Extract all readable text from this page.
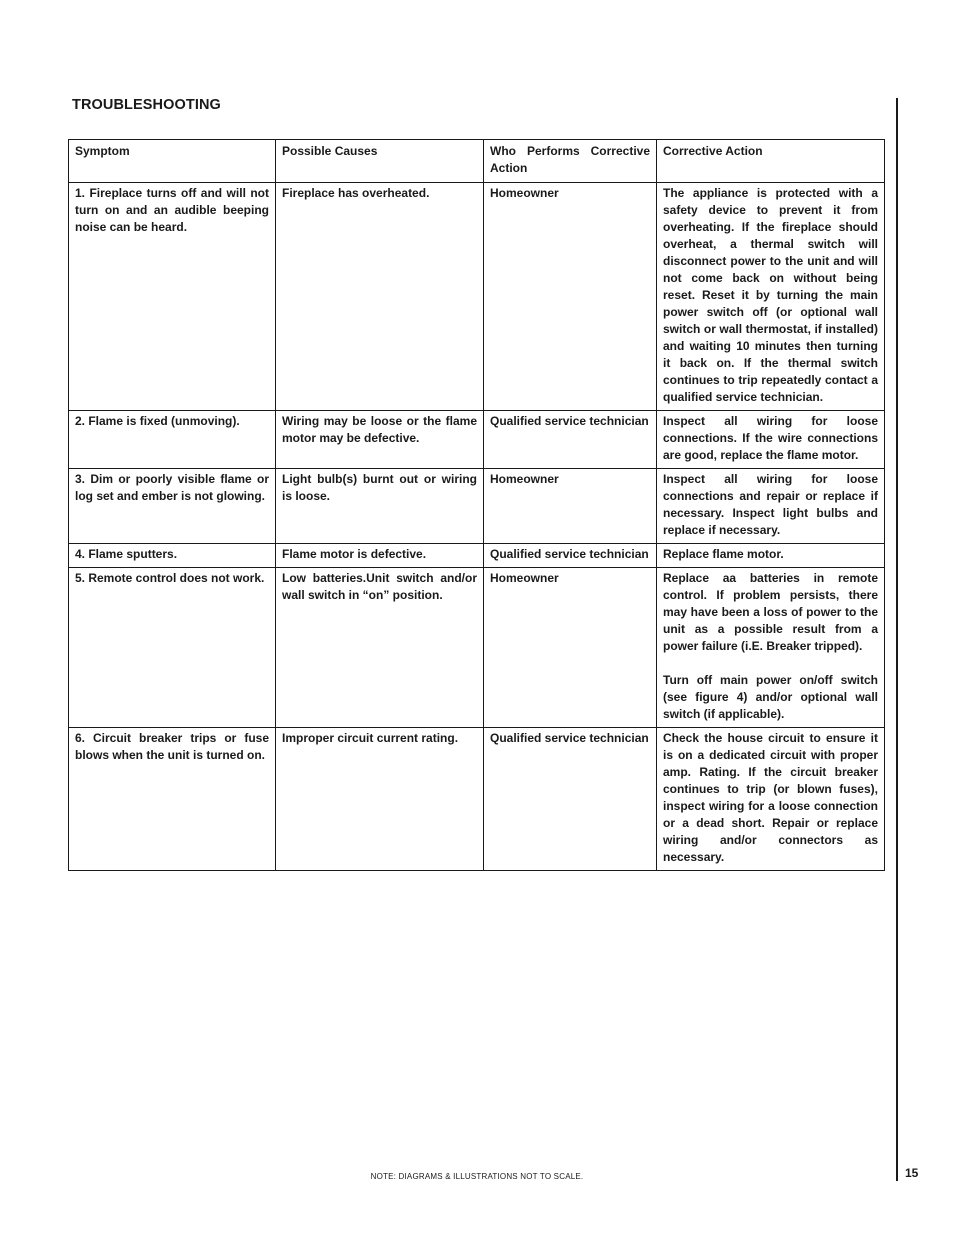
TROUBLESHOOTING
Symptom	Possible Causes	Who Performs Corrective Action	Corrective Action
1. Fireplace turns off and will not turn on and an audible beeping noise can be heard.	Fireplace has overheated.	Homeowner	The appliance is protected with a safety device to prevent it from overheating. If the fireplace should overheat, a thermal switch will disconnect power to the unit and will not come back on without being reset. Reset it by turning the main power switch off (or optional wall switch or wall thermostat, if installed) and waiting 10 minutes then turning it back on. If the thermal switch continues to trip repeatedly contact a qualified service technician.

2. Flame is fixed (unmoving).	Wiring may be loose or the flame motor may be defective.	Qualified service technician	Inspect all wiring for loose connections. If the wire connections are good, replace the flame motor.

3. Dim or poorly visible flame or log set and ember is not glowing.	Light bulb(s) burnt out or wiring is loose.	Homeowner	Inspect all wiring for loose connections and repair or replace if necessary. Inspect light bulbs and replace if necessary.

4. Flame sputters.	Flame motor is defective.	Qualified service technician	Replace flame motor.

5. Remote control does not work.	Low batteries.Unit switch and/or wall switch in “on” position.	Homeowner	Replace aa batteries in remote control. If problem persists, there may have been a loss of power to the unit as a possible result from a power failure (i.E. Breaker tripped).
Turn off main power on/off switch (see figure 4) and/or optional wall switch (if applicable).

6. Circuit breaker trips or fuse blows when the unit is turned on.	Improper circuit current rating.	Qualified service technician	Check the house circuit to ensure it is on a dedicated circuit with proper amp. Rating. If the circuit breaker continues to trip (or blown fuses), inspect wiring for a loose connection or a dead short. Repair or replace wiring and/or connectors as necessary.
NOTE: DIAGRAMS & ILLUSTRATIONS NOT TO SCALE.	15
